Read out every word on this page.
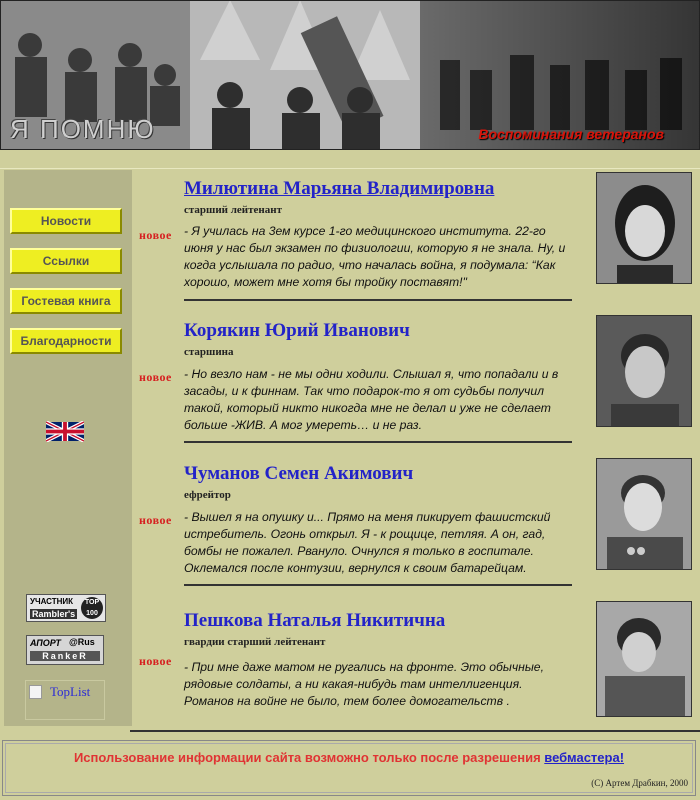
Я ПОМНЮ	Воспоминания ветеранов
Новости
Ссылки
Гостевая книга
Благодарности
УЧАСТНИК
Rambler's
TOP 100
АПОРТ @Rus
RankeR
TopList
Милютина Марьяна Владимировна
старший лейтенант
новое - Я училась на 3ем курсе 1-го медицинского института. 22-го июня у нас был экзамен по физиологии, которую я не знала. Ну, и когда услышала по радио, что началась война, я подумала: “Как хорошо, может мне хотя бы тройку поставят!"
Корякин Юрий Иванович
старшина
новое - Но везло нам - не мы одни ходили. Слышал я, что попадали и в засады, и к финнам. Так что подарок-то я от судьбы получил такой, который никто никогда мне не делал и уже не сделает больше -ЖИВ. А мог умереть… и не раз.
Чуманов Семен Акимович
ефрейтор
новое - Вышел я на опушку и... Прямо на меня пикирует фашистский истребитель. Огонь открыл. Я - к рощице, петляя. А он, гад, бомбы не пожалел. Рвануло. Очнулся я только в госпитале. Оклемался после контузии, вернулся к своим батарейцам.
Пешкова Наталья Никитична
гвардии старший лейтенант
новое - При мне даже матом не ругались на фронте. Это обычные, рядовые солдаты, а ни какая-нибудь там интеллигенция. Романов на войне не было, тем более домогательств .
Использование информации сайта возможно только после разрешения вебмастера!
(C) Артем Драбкин, 2000
